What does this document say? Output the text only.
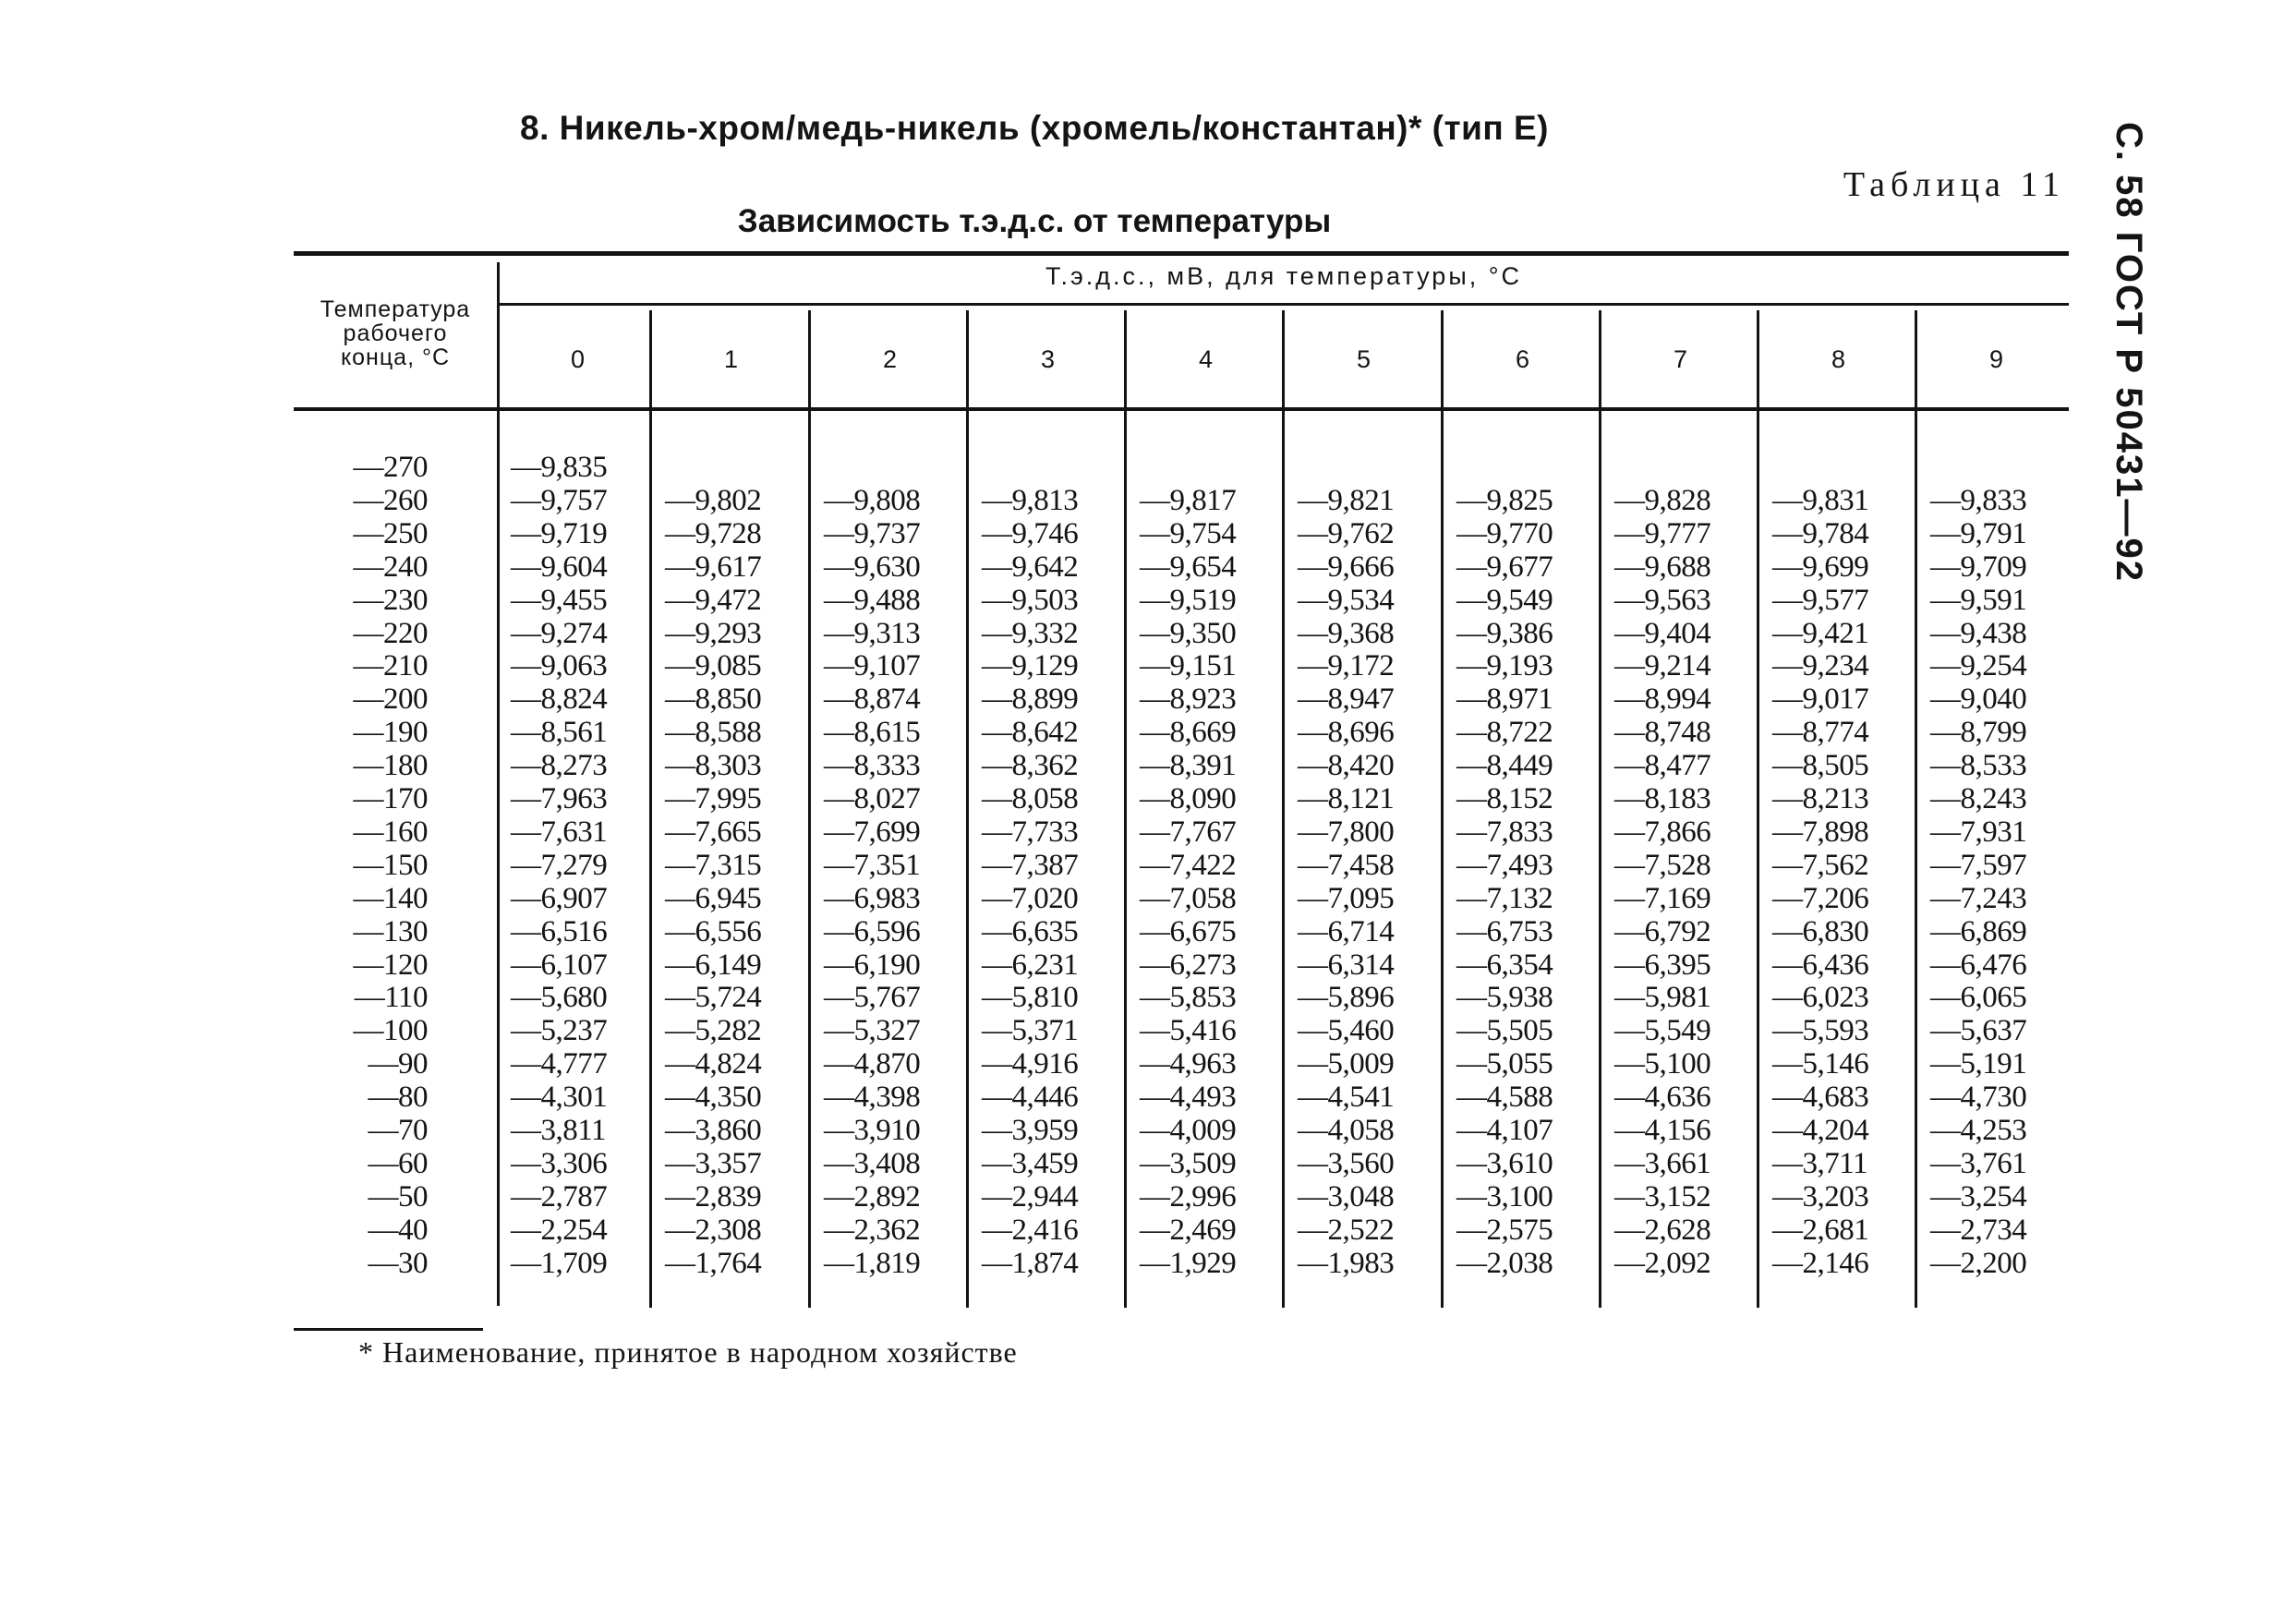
С. 58 ГОСТ Р 50431—92
8. Никель-хром/медь-никель (хромель/константан)* (тип Е)
Таблица 11
Зависимость т.э.д.с. от температуры
Температура
рабочего
конца, °С
Т.э.д.с., мВ, для температуры, °С
0	1	2	3	4	5	6	7	8	9
—270	—9,835
—260	—9,757 —9,802 —9,808 —9,813 —9,817 —9,821 —9,825 —9,828 —9,831 —9,833
—250	—9,719 —9,728 —9,737 —9,746 —9,754 —9,762 —9,770 —9,777 —9,784 —9,791
—240	—9,604 —9,617 —9,630 —9,642 —9,654 —9,666 —9,677 —9,688 —9,699 —9,709
—230	—9,455 —9,472 —9,488 —9,503 —9,519 —9,534 —9,549 —9,563 —9,577 —9,591
—220	—9,274 —9,293 —9,313 —9,332 —9,350 —9,368 —9,386 —9,404 —9,421 —9,438
—210	—9,063 —9,085 —9,107 —9,129 —9,151 —9,172 —9,193 —9,214 —9,234 —9,254
—200	—8,824 —8,850 —8,874 —8,899 —8,923 —8,947 —8,971 —8,994 —9,017 —9,040
—190	—8,561 —8,588 —8,615 —8,642 —8,669 —8,696 —8,722 —8,748 —8,774 —8,799
—180	—8,273 —8,303 —8,333 —8,362 —8,391 —8,420 —8,449 —8,477 —8,505 —8,533
—170	—7,963 —7,995 —8,027 —8,058 —8,090 —8,121 —8,152 —8,183 —8,213 —8,243
—160	—7,631 —7,665 —7,699 —7,733 —7,767 —7,800 —7,833 —7,866 —7,898 —7,931
—150	—7,279 —7,315 —7,351 —7,387 —7,422 —7,458 —7,493 —7,528 —7,562 —7,597
—140	—6,907 —6,945 —6,983 —7,020 —7,058 —7,095 —7,132 —7,169 —7,206 —7,243
—130	—6,516 —6,556 —6,596 —6,635 —6,675 —6,714 —6,753 —6,792 —6,830 —6,869
—120	—6,107 —6,149 —6,190 —6,231 —6,273 —6,314 —6,354 —6,395 —6,436 —6,476
—110	—5,680 —5,724 —5,767 —5,810 —5,853 —5,896 —5,938 —5,981 —6,023 —6,065
—100	—5,237 —5,282 —5,327 —5,371 —5,416 —5,460 —5,505 —5,549 —5,593 —5,637
—90	—4,777 —4,824 —4,870 —4,916 —4,963 —5,009 —5,055 —5,100 —5,146 —5,191
—80	—4,301 —4,350 —4,398 —4,446 —4,493 —4,541 —4,588 —4,636 —4,683 —4,730
—70	—3,811 —3,860 —3,910 —3,959 —4,009 —4,058 —4,107 —4,156 —4,204 —4,253
—60	—3,306 —3,357 —3,408 —3,459 —3,509 —3,560 —3,610 —3,661 —3,711 —3,761
—50	—2,787 —2,839 —2,892 —2,944 —2,996 —3,048 —3,100 —3,152 —3,203 —3,254
—40	—2,254 —2,308 —2,362 —2,416 —2,469 —2,522 —2,575 —2,628 —2,681 —2,734
—30	—1,709 —1,764 —1,819 —1,874 —1,929 —1,983 —2,038 —2,092 —2,146 —2,200
* Наименование, принятое в народном хозяйстве
